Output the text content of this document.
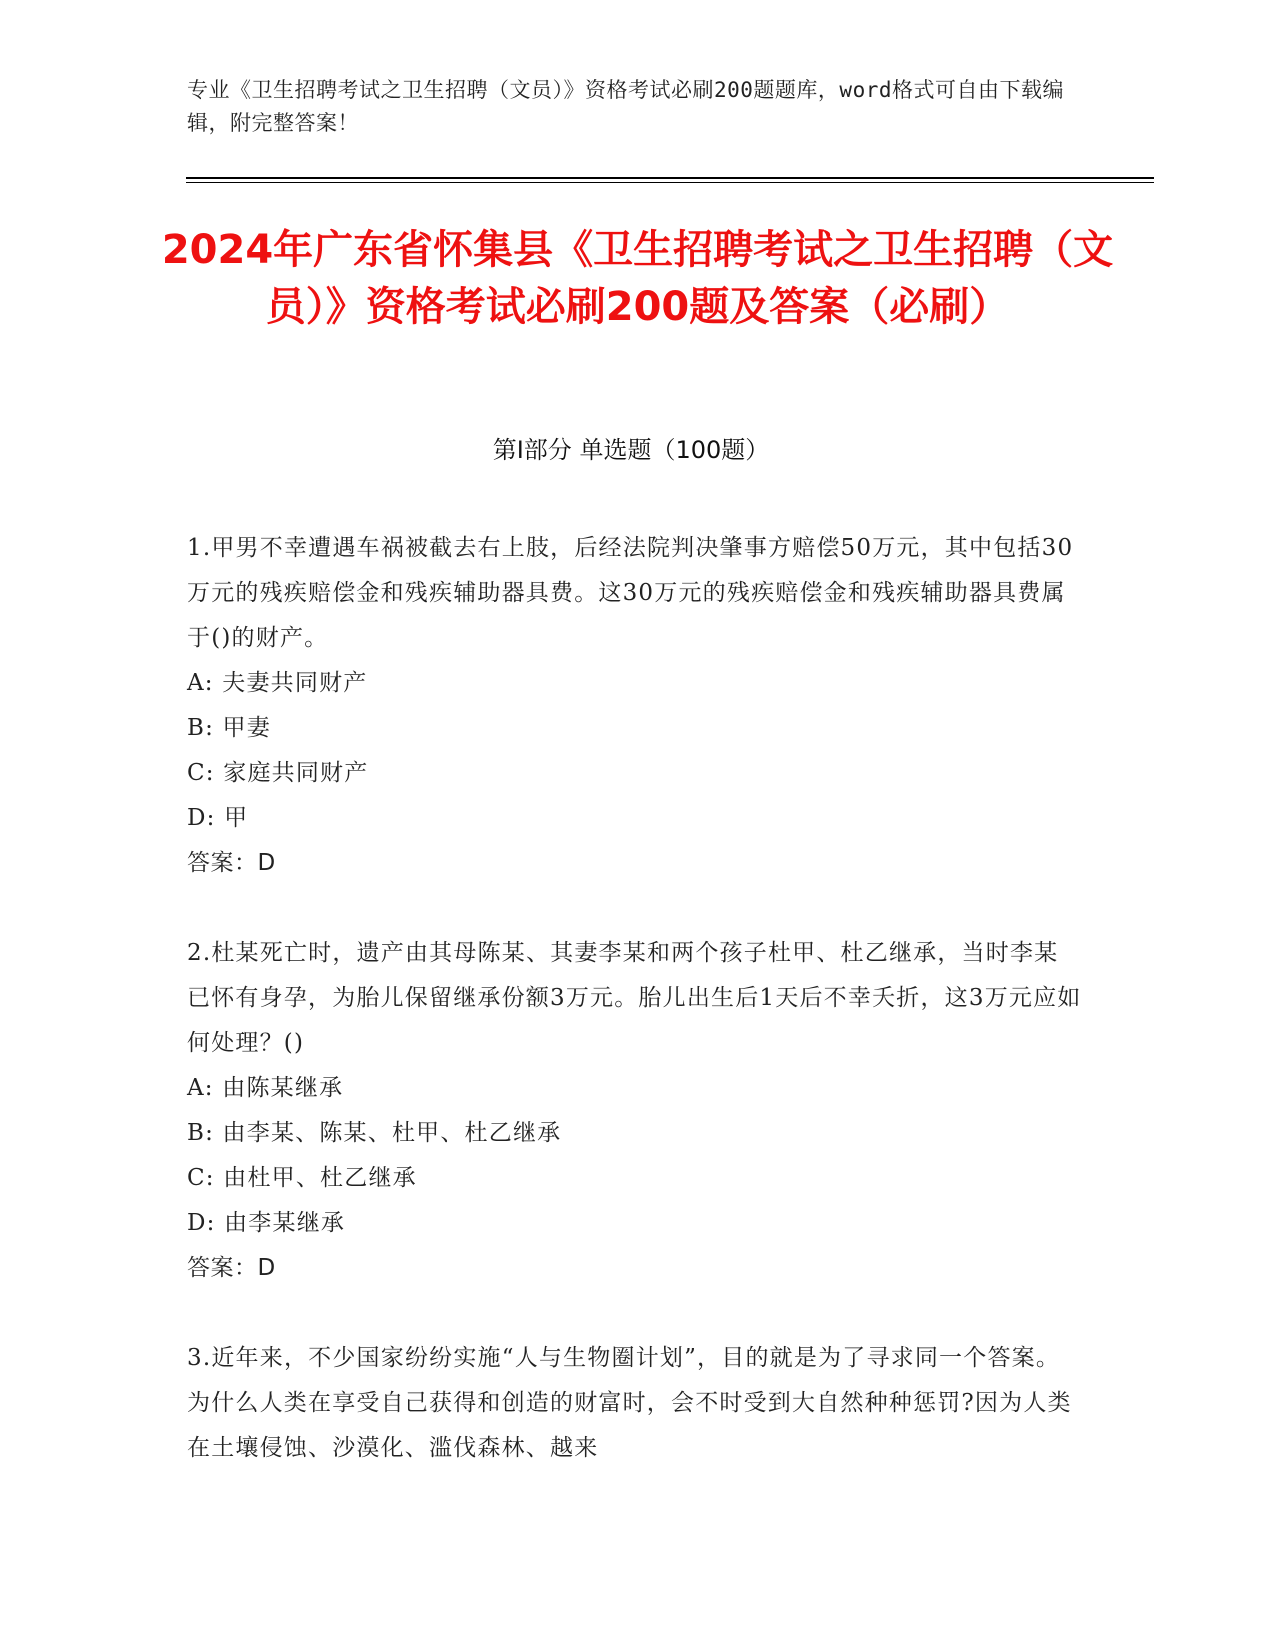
专业《卫生招聘考试之卫生招聘（文员）》资格考试必刷200题题库，word格式可自由下载编辑，附完整答案！
2024年广东省怀集县《卫生招聘考试之卫生招聘（文员）》资格考试必刷200题及答案（必刷）
第I部分 单选题（100题）

1.甲男不幸遭遇车祸被截去右上肢，后经法院判决肇事方赔偿50万元，其中包括30万元的残疾赔偿金和残疾辅助器具费。这30万元的残疾赔偿金和残疾辅助器具费属于()的财产。

A: 夫妻共同财产

B: 甲妻

C: 家庭共同财产

D: 甲

答案：D

2.杜某死亡时，遗产由其母陈某、其妻李某和两个孩子杜甲、杜乙继承，当时李某已怀有身孕，为胎儿保留继承份额3万元。胎儿出生后1天后不幸夭折，这3万元应如何处理？()

A: 由陈某继承

B: 由李某、陈某、杜甲、杜乙继承

C: 由杜甲、杜乙继承

D: 由李某继承

答案：D

3.近年来，不少国家纷纷实施“人与生物圈计划”，目的就是为了寻求同一个答案。为什么人类在享受自己获得和创造的财富时，会不时受到大自然种种惩罚?因为人类在土壤侵蚀、沙漠化、滥伐森林、越来
